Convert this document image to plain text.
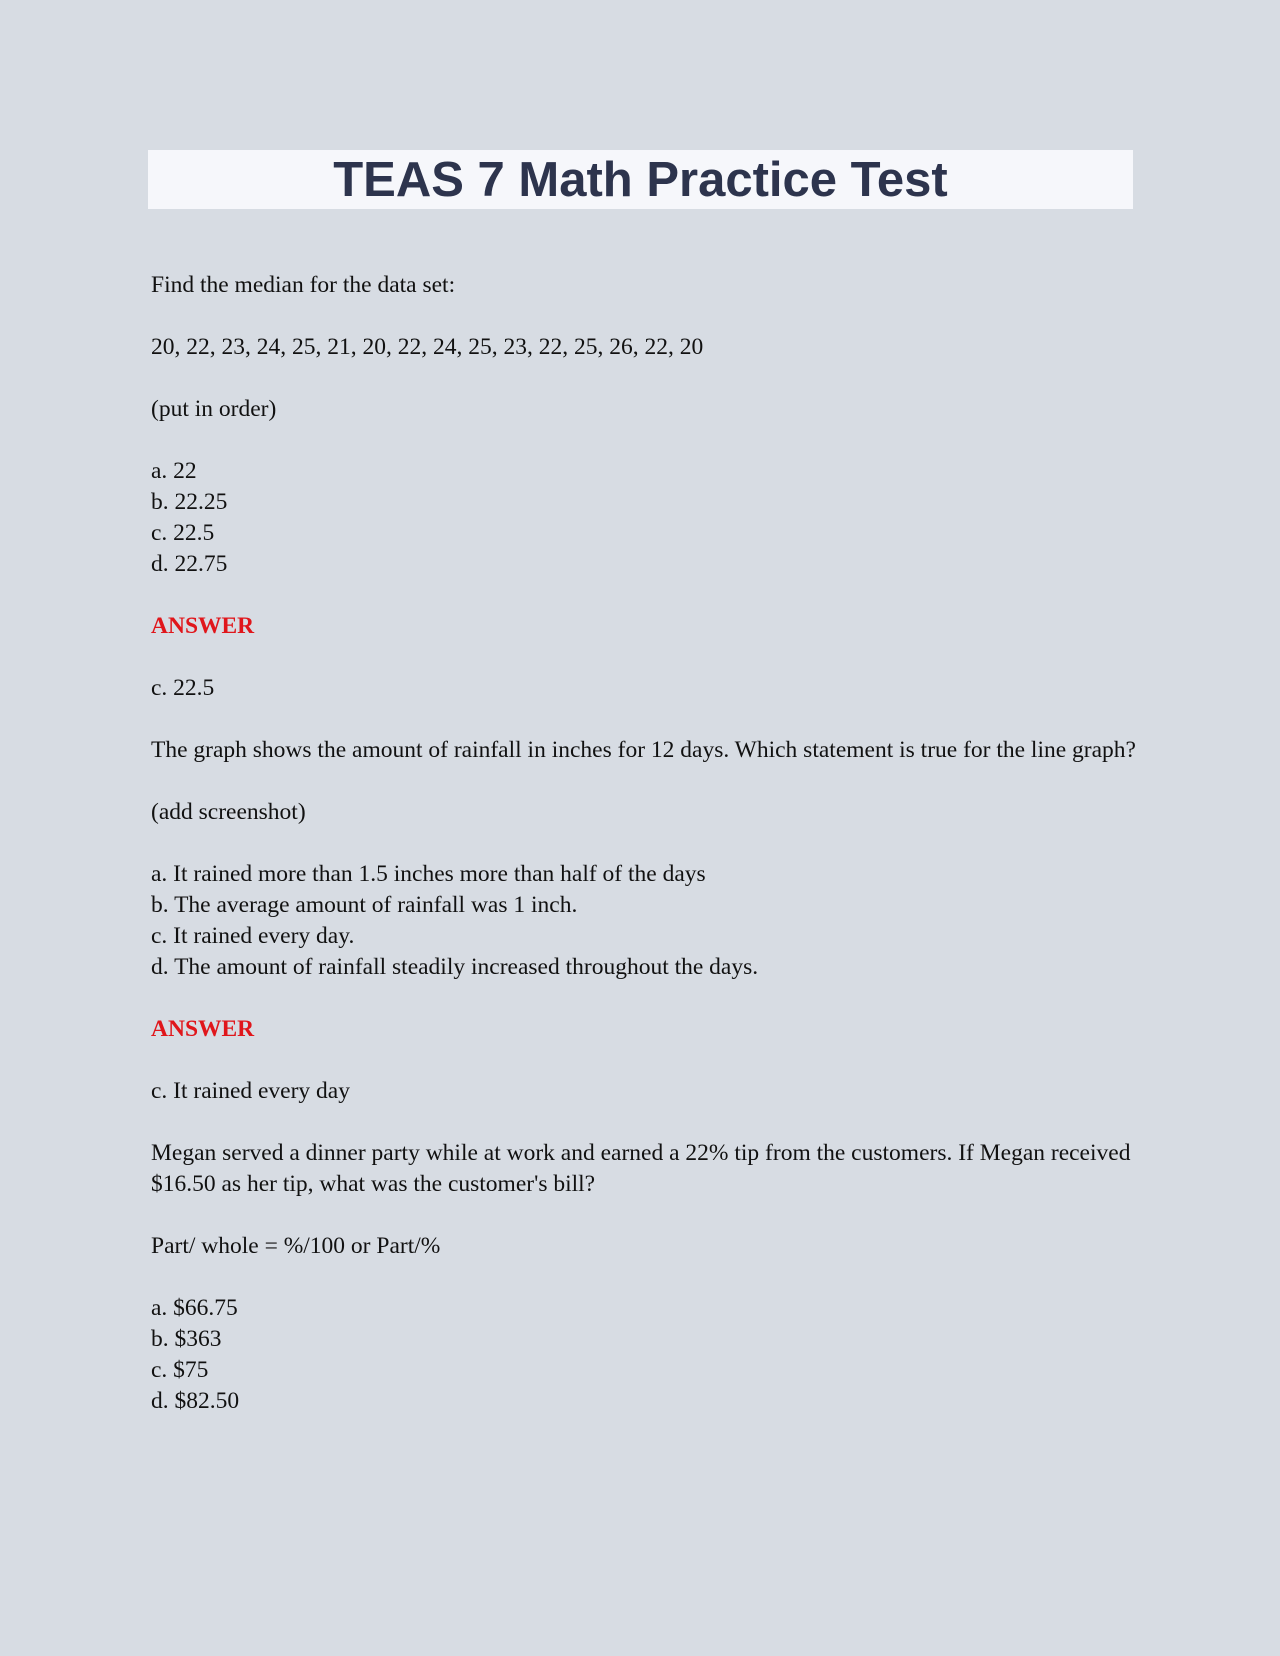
TEAS 7 Math Practice Test

Find the median for the data set:

20, 22, 23, 24, 25, 21, 20, 22, 24, 25, 23, 22, 25, 26, 22, 20

(put in order)

a. 22
b. 22.25
c. 22.5
d. 22.75

ANSWER

c. 22.5

The graph shows the amount of rainfall in inches for 12 days. Which statement is true for the line graph?

(add screenshot)

a. It rained more than 1.5 inches more than half of the days
b. The average amount of rainfall was 1 inch.
c. It rained every day.
d. The amount of rainfall steadily increased throughout the days.

ANSWER

c. It rained every day

Megan served a dinner party while at work and earned a 22% tip from the customers. If Megan received $16.50 as her tip, what was the customer's bill?

Part/ whole = %/100 or Part/%

a. $66.75
b. $363
c. $75
d. $82.50
